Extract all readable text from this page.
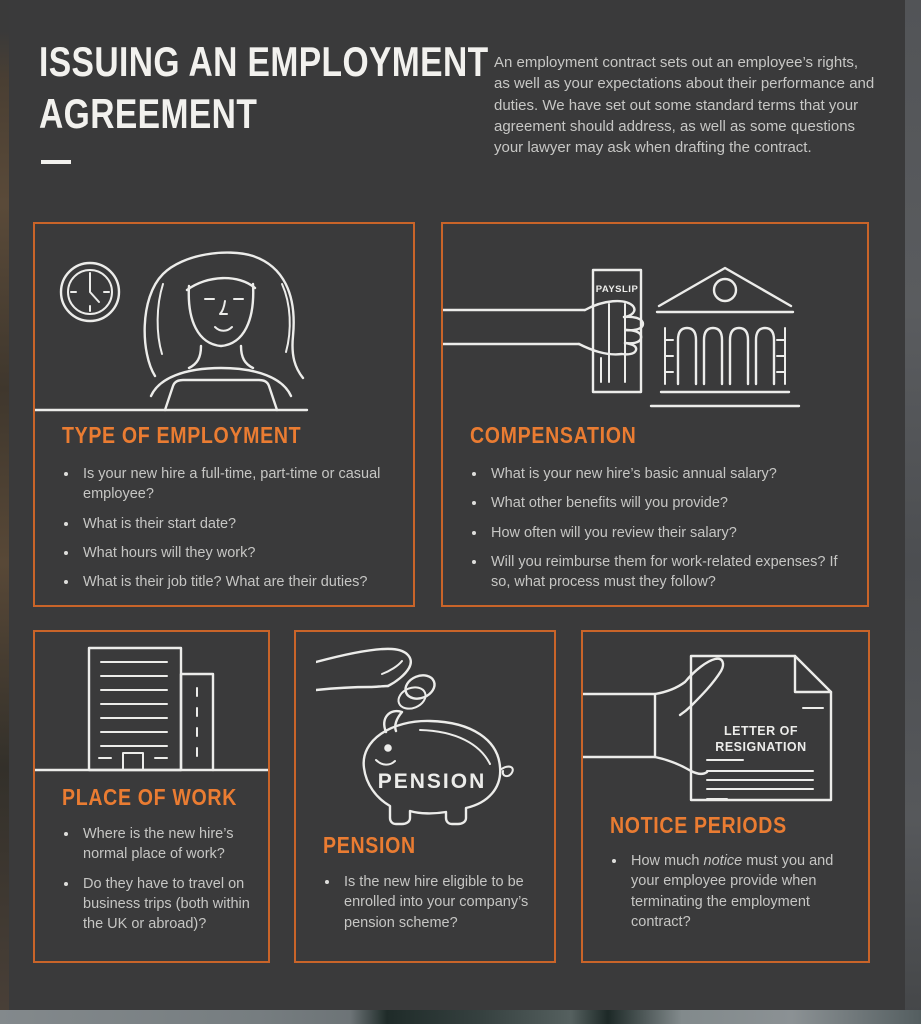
ISSUING AN EMPLOYMENT
AGREEMENT

An employment contract sets out an employee’s rights, as well as your expectations about their performance and duties. We have set out some standard terms that your agreement should address, as well as some questions your lawyer may ask when drafting the contract.

TYPE OF EMPLOYMENT
• Is your new hire a full-time, part-time or casual employee?
• What is their start date?
• What hours will they work?
• What is their job title? What are their duties?
PAYSLIP
COMPENSATION
• What is your new hire’s basic annual salary?
• What other benefits will you provide?
• How often will you review their salary?
• Will you reimburse them for work-related expenses? If so, what process must they follow?
PLACE OF WORK
• Where is the new hire’s normal place of work?
• Do they have to travel on business trips (both within the UK or abroad)?
PENSION
PENSION
• Is the new hire eligible to be enrolled into your company’s pension scheme?
LETTER OF
RESIGNATION
NOTICE PERIODS
• How much notice must you and your employee provide when terminating the employment contract?
